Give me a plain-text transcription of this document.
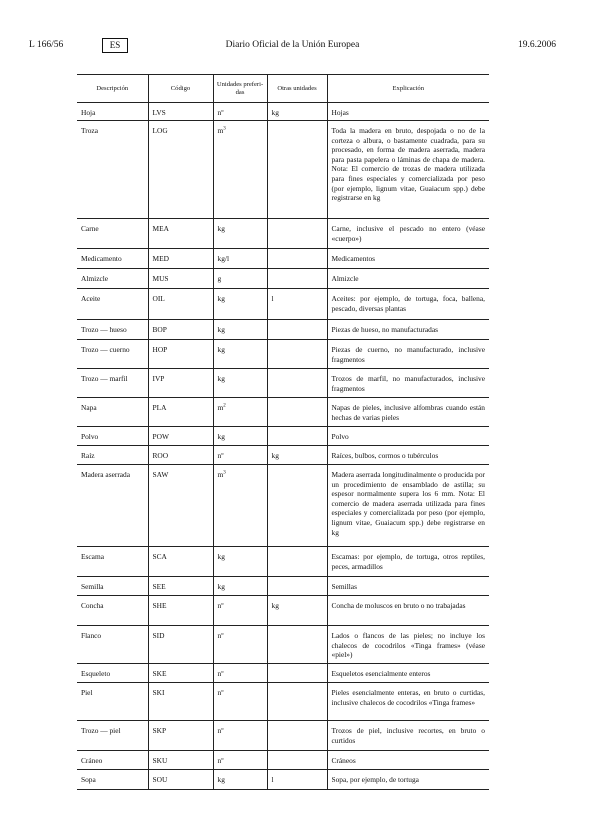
L 166/56	ES	Diario Oficial de la Unión Europea	19.6.2006
Descripción	Código	Unidades preferi-das	Otras unidades	Explicación
Hoja	LVS	nº	kg	Hojas
Troza	LOG	$m^3$		Toda la madera en bruto, despojada o no de la corteza o albura, o bastamente cuadrada, para su procesado, en forma de madera aserrada, madera para pasta papelera o láminas de chapa de madera. Nota: El comercio de trozas de madera utilizada para fines especiales y comercializada por peso (por ejemplo, lignum vitae, Guaiacum spp.) debe registrarse en kg
Carne	MEA	kg		Carne, inclusive el pescado no entero (véase «cuerpo»)
Medicamento	MED	kg/l		Medicamentos
Almizcle	MUS	g		Almizcle
Aceite	OIL	kg	l	Aceites: por ejemplo, de tortuga, foca, ballena, pescado, diversas plantas
Trozo — hueso	BOP	kg		Piezas de hueso, no manufacturadas
Trozo — cuerno	HOP	kg		Piezas de cuerno, no manufacturado, inclusive fragmentos
Trozo — marfil	IVP	kg		Trozos de marfil, no manufacturados, inclusive fragmentos
Napa	PLA	$m^2$		Napas de pieles, inclusive alfombras cuando están hechas de varias pieles
Polvo	POW	kg		Polvo
Raíz	ROO	nº	kg	Raíces, bulbos, cormos o tubérculos
Madera aserrada	SAW	$m^3$		Madera aserrada longitudinalmente o producida por un procedimiento de ensamblado de astilla; su espesor normalmente supera los 6 mm. Nota: El comercio de madera aserrada utilizada para fines especiales y comercializada por peso (por ejemplo, lignum vitae, Guaiacum spp.) debe registrarse en kg
Escama	SCA	kg		Escamas: por ejemplo, de tortuga, otros reptiles, peces, armadillos
Semilla	SEE	kg		Semillas
Concha	SHE	nº	kg	Concha de moluscos en bruto o no trabajadas
Flanco	SID	nº		Lados o flancos de las pieles; no incluye los chalecos de cocodrilos «Tinga frames» (véase «piel»)
Esqueleto	SKE	nº		Esqueletos esencialmente enteros
Piel	SKI	nº		Pieles esencialmente enteras, en bruto o curtidas, inclusive chalecos de cocodrilos «Tinga frames»
Trozo — piel	SKP	nº		Trozos de piel, inclusive recortes, en bruto o curtidos
Cráneo	SKU	nº		Cráneos
Sopa	SOU	kg	l	Sopa, por ejemplo, de tortuga
